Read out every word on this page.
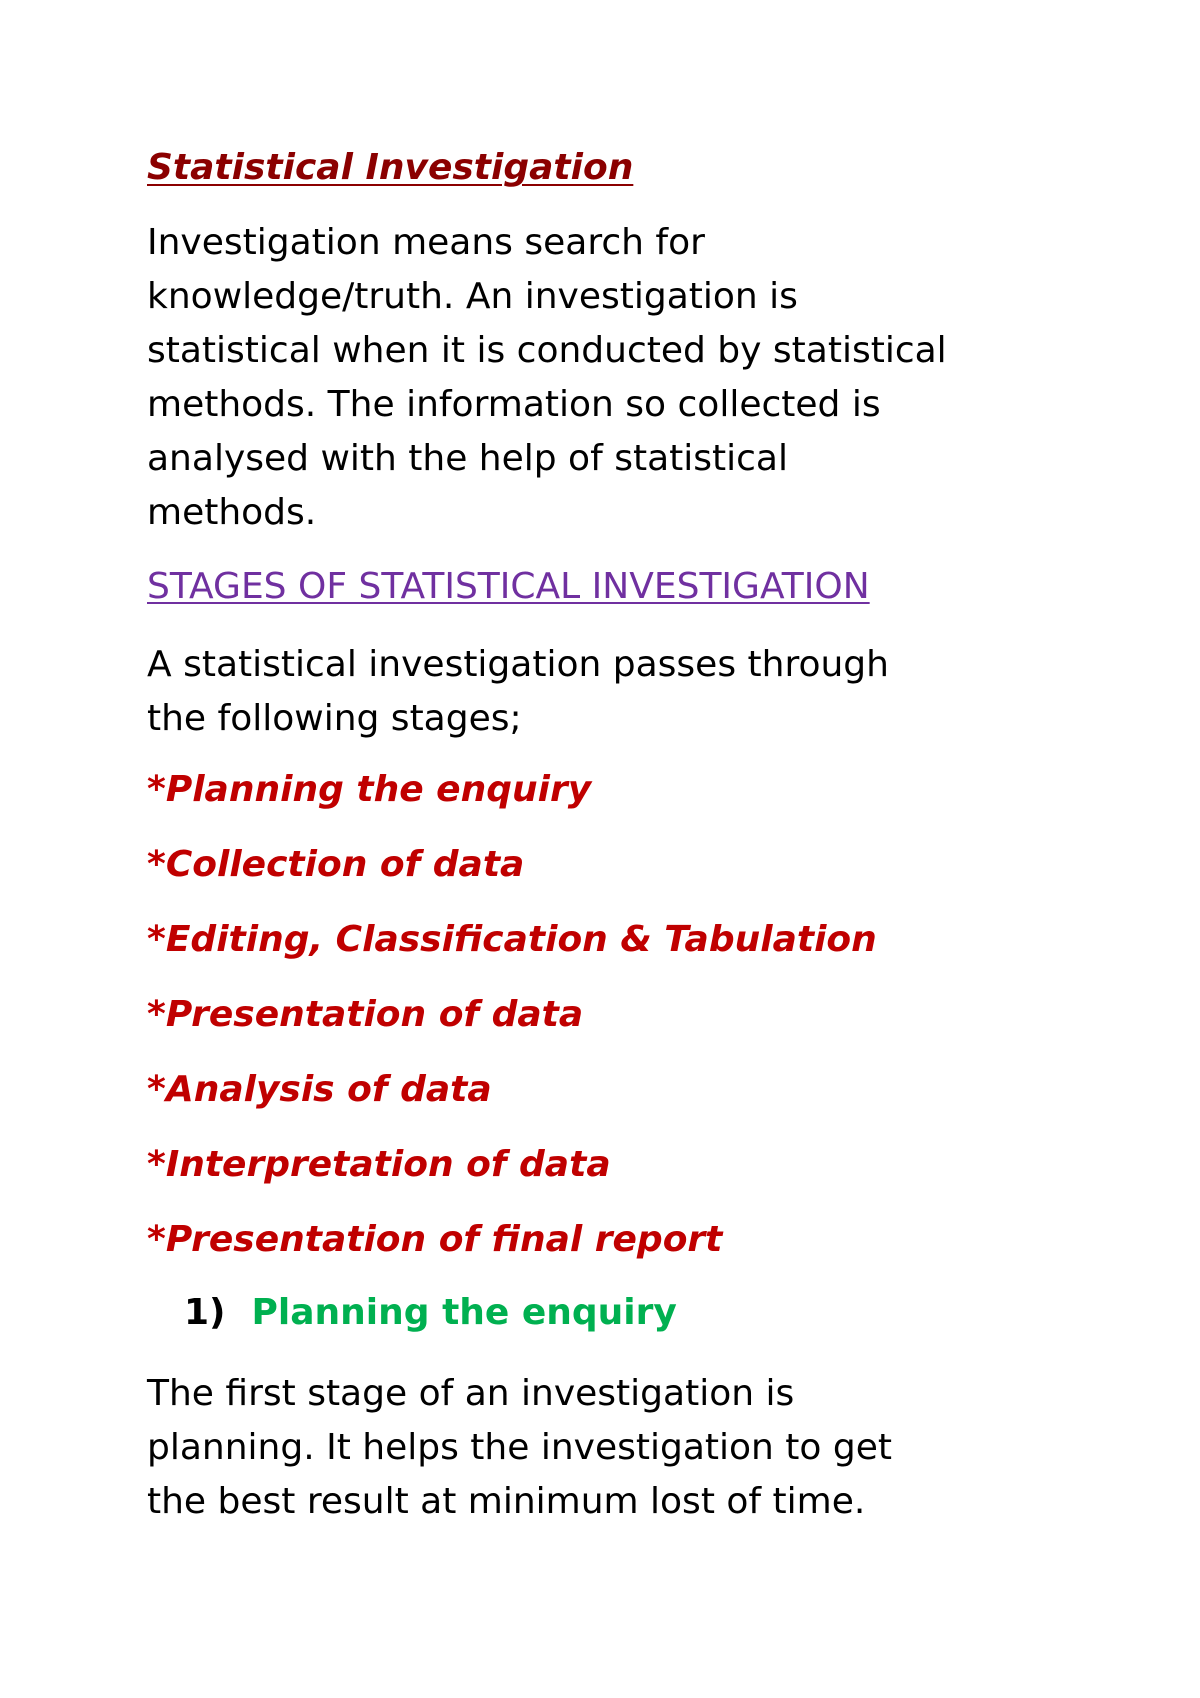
Statistical Investigation

Investigation means search for
knowledge/truth. An investigation is
statistical when it is conducted by statistical
methods. The information so collected is
analysed with the help of statistical
methods.

STAGES OF STATISTICAL INVESTIGATION

A statistical investigation passes through
the following stages;

*Planning the enquiry
*Collection of data
*Editing, Classification & Tabulation
*Presentation of data
*Analysis of data
*Interpretation of data
*Presentation of final report
1) Planning the enquiry

The first stage of an investigation is
planning. It helps the investigation to get
the best result at minimum lost of time.
